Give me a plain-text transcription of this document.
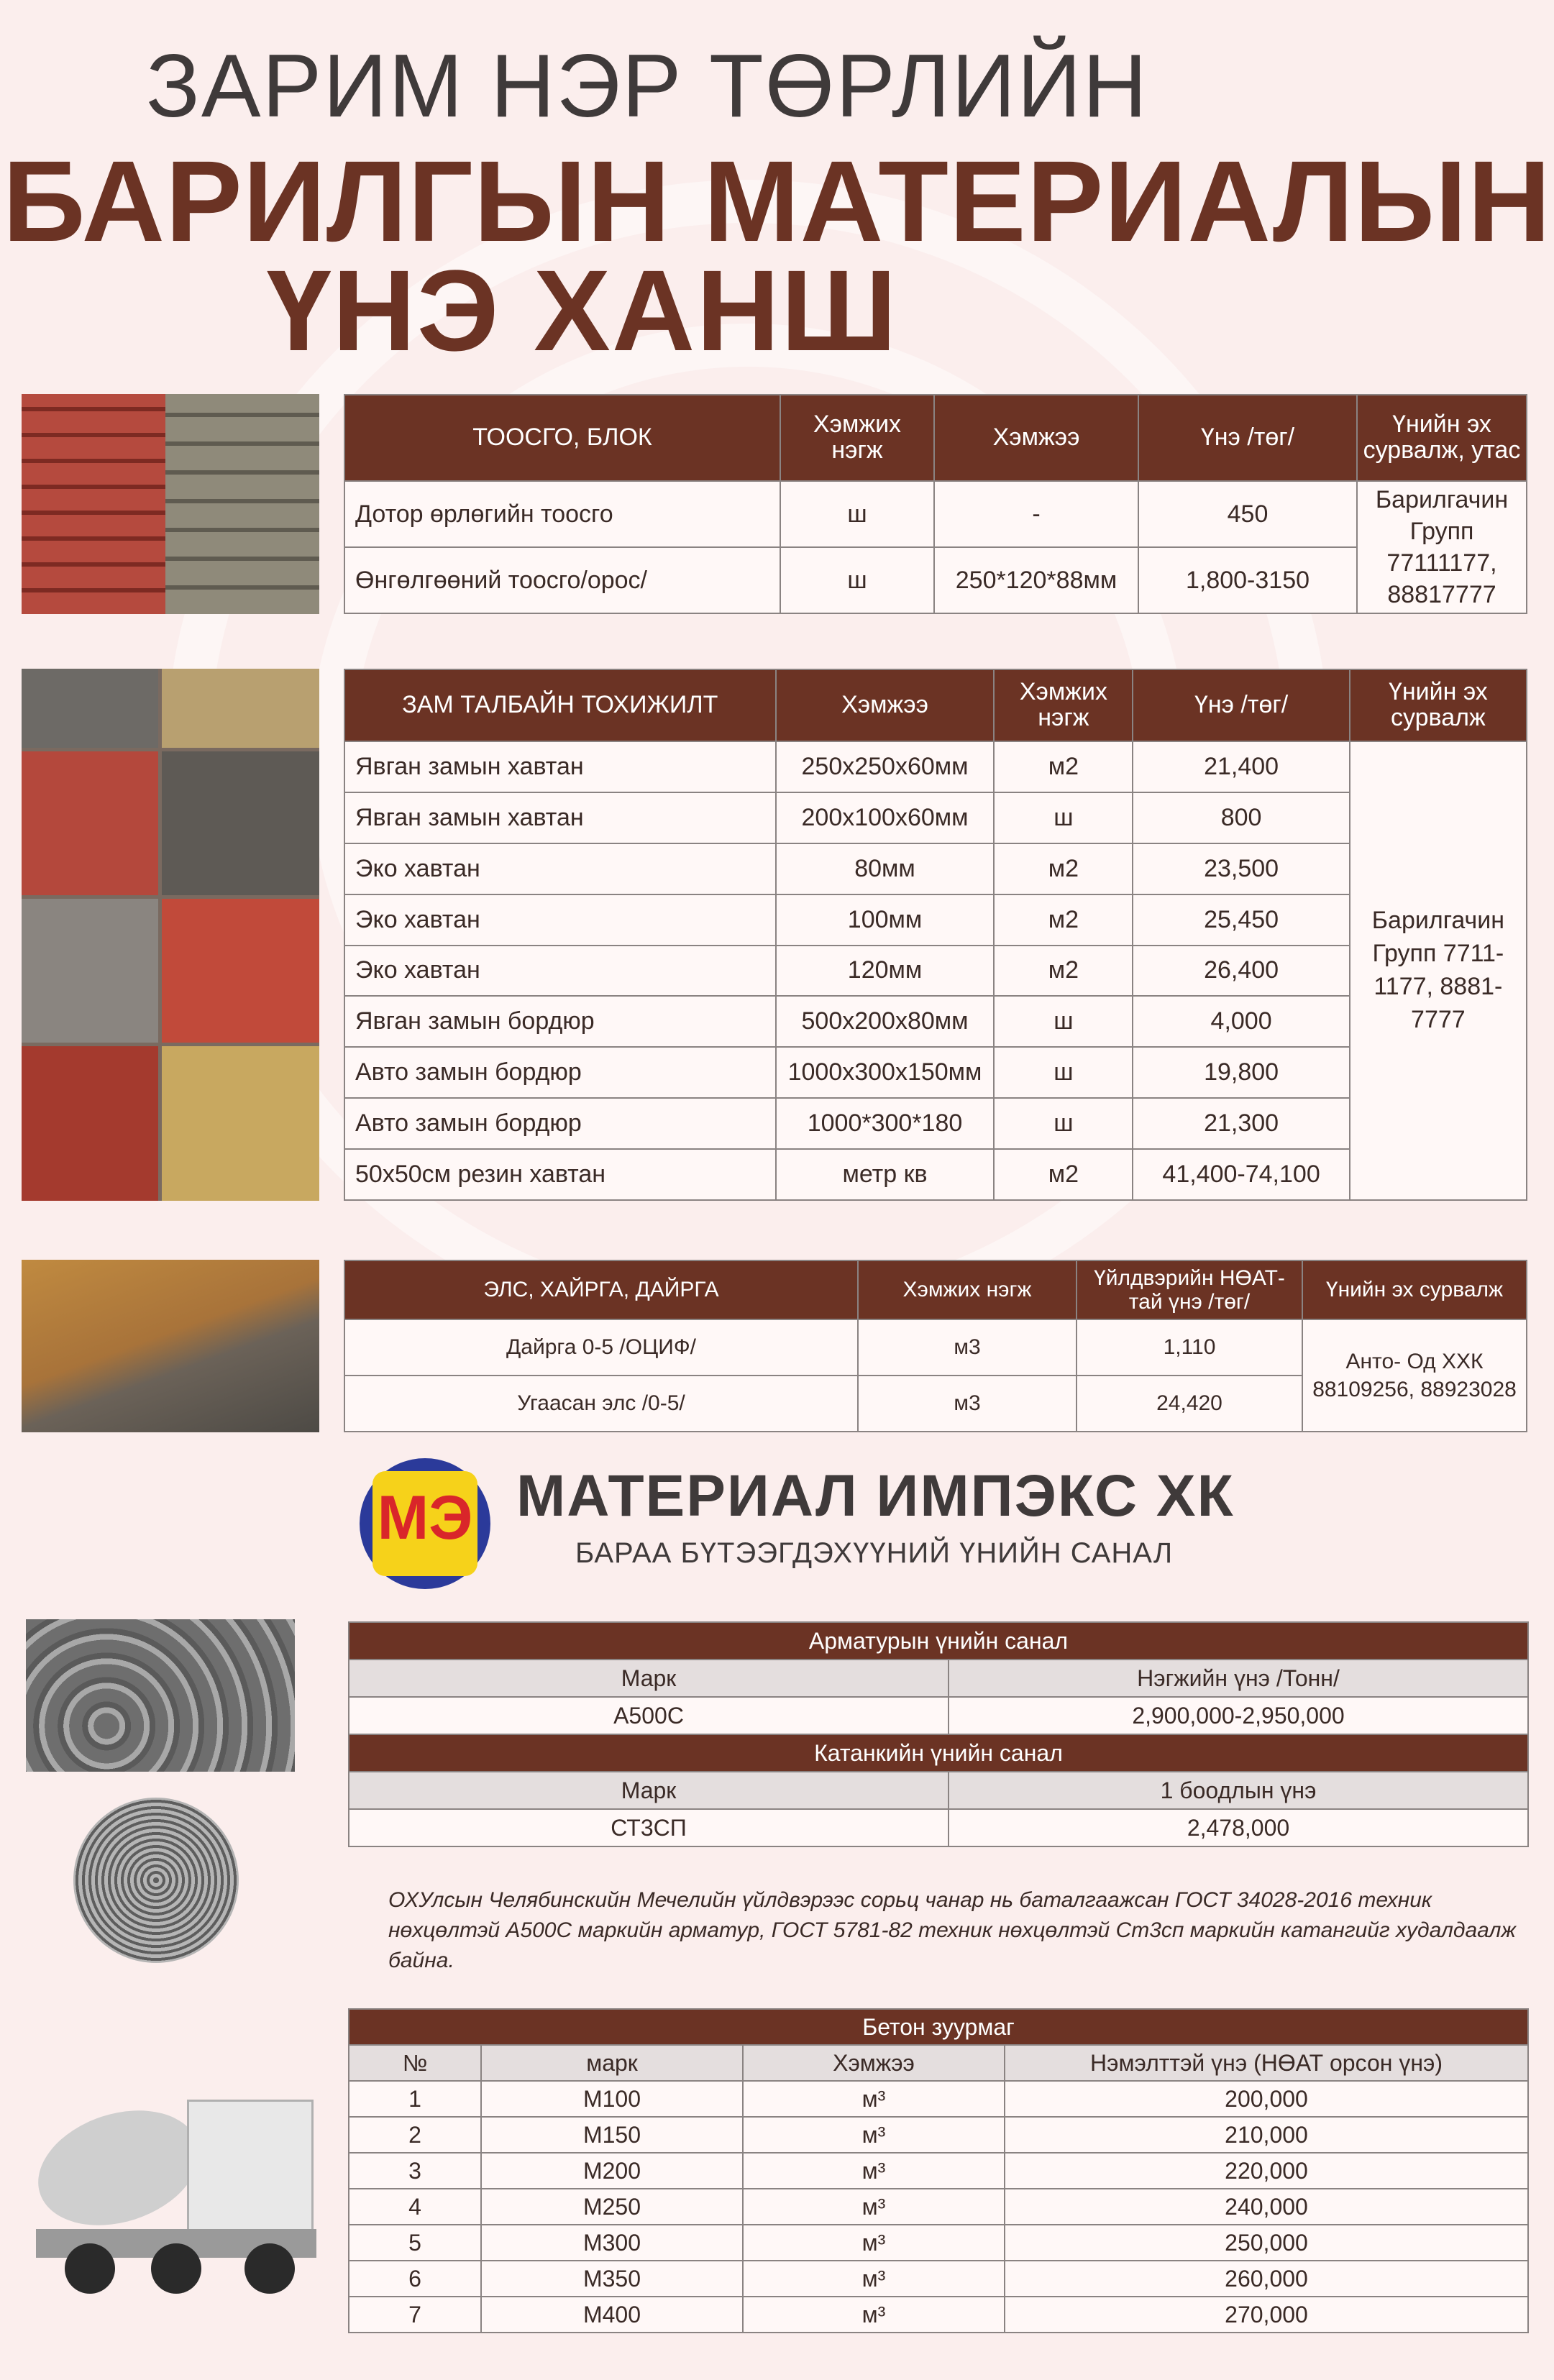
ЗАРИМ НЭР ТӨРЛИЙН
БАРИЛГЫН МАТЕРИАЛЫН
ҮНЭ ХАНШ
ТООСГО, БЛОК	Хэмжих нэгж	Хэмжээ	Үнэ /төг/	Үнийн эх сурвалж, утас
Дотор өрлөгийн тоосго	ш	-	450	Барилгачин Групп 77111177, 88817777
Өнгөлгөөний тоосго/орос/	ш	250*120*88мм	1,800-3150	
ЗАМ ТАЛБАЙН ТОХИЖИЛТ	Хэмжээ	Хэмжих нэгж	Үнэ /төг/	Үнийн эх сурвалж
Явган замын хавтан	250x250x60мм	м2	21,400	Барилгачин Групп 7711-1177, 8881-7777
Явган замын хавтан	200x100x60мм	ш	800	
Эко хавтан	80мм	м2	23,500	
Эко хавтан	100мм	м2	25,450	
Эко хавтан	120мм	м2	26,400	
Явган замын бордюр	500x200x80мм	ш	4,000	
Авто замын бордюр	1000x300x150мм	ш	19,800	
Авто замын бордюр	1000*300*180	ш	21,300	
50x50см резин хавтан	метр кв	м2	41,400-74,100	
ЭЛС, ХАЙРГА, ДАЙРГА	Хэмжих нэгж	Үйлдвэрийн НӨАТ-тай үнэ /төг/	Үнийн эх сурвалж
Дайрга 0-5 /ОЦИФ/	м3	1,110	Анто- Од ХХК
88109256, 88923028

Угаасан элс /0-5/	м3	24,420	
МЭ МАТЕРИАЛ ИМПЭКС ХК
БАРАА БҮТЭЭГДЭХҮҮНИЙ ҮНИЙН САНАЛ
Арматурын үнийн санал	
Марк	Нэгжийн үнэ /Тонн/
А500С	2,900,000-2,950,000
Катанкийн үнийн санал	
Марк	1 боодлын үнэ
СТ3СП	2,478,000
ОХУлсын Челябинскийн Мечелийн үйлдвэрээс сорьц чанар нь баталгаажсан ГОСТ 34028-2016 техник нөхцөлтэй А500С маркийн арматур, ГОСТ 5781-82 техник нөхцөлтэй Ст3сп маркийн катангийг худалдаалж байна.
Бетон зуурмаг			
№	марк	Хэмжээ	Нэмэлттэй үнэ (НӨАТ орсон үнэ)
1	М100	м³	200,000
2	М150	м³	210,000
3	М200	м³	220,000
4	М250	м³	240,000
5	М300	м³	250,000
6	М350	м³	260,000
7	М400	м³	270,000
